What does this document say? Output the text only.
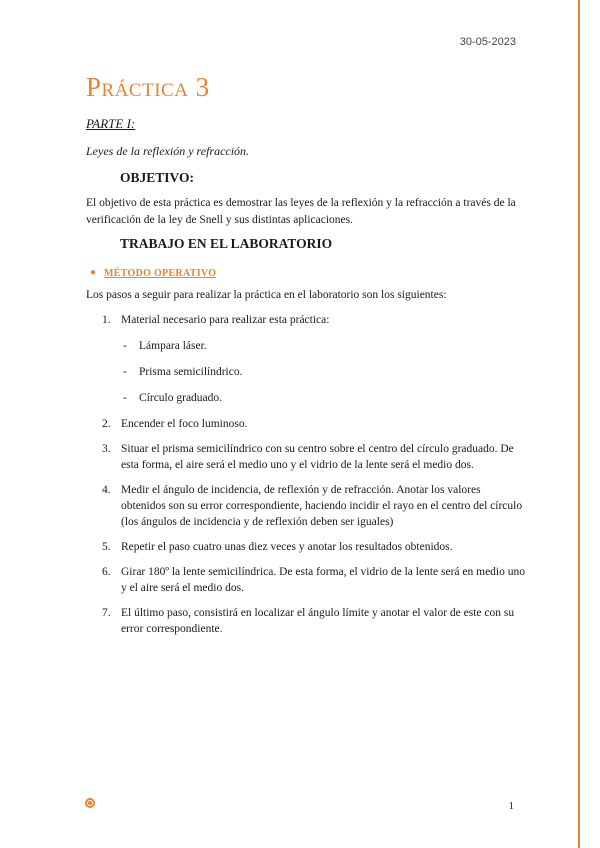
30-05-2023
Práctica 3
PARTE I:
Leyes de la reflexión y refracción.
OBJETIVO:
El objetivo de esta práctica es demostrar las leyes de la reflexión y la refracción a través de la verificación de la ley de Snell y sus distintas aplicaciones.
TRABAJO EN EL LABORATORIO
● MÉTODO OPERATIVO
Los pasos a seguir para realizar la práctica en el laboratorio son los siguientes:
1. Material necesario para realizar esta práctica:
- Lámpara láser.
- Prisma semicilíndrico.
- Círculo graduado.
2. Encender el foco luminoso.
3. Situar el prisma semicilíndrico con su centro sobre el centro del círculo graduado. De esta forma, el aire será el medio uno y el vidrio de la lente será el medio dos.
4. Medir el ángulo de incidencia, de reflexión y de refracción. Anotar los valores obtenidos son su error correspondiente, haciendo incidir el rayo en el centro del círculo (los ángulos de incidencia y de reflexión deben ser iguales)
5. Repetir el paso cuatro unas diez veces y anotar los resultados obtenidos.
6. Girar 180º la lente semicilíndrica. De esta forma, el vidrio de la lente será en medio uno y el aire será el medio dos.
7. El último paso, consistirá en localizar el ángulo límite y anotar el valor de este con su error correspondiente.
1
